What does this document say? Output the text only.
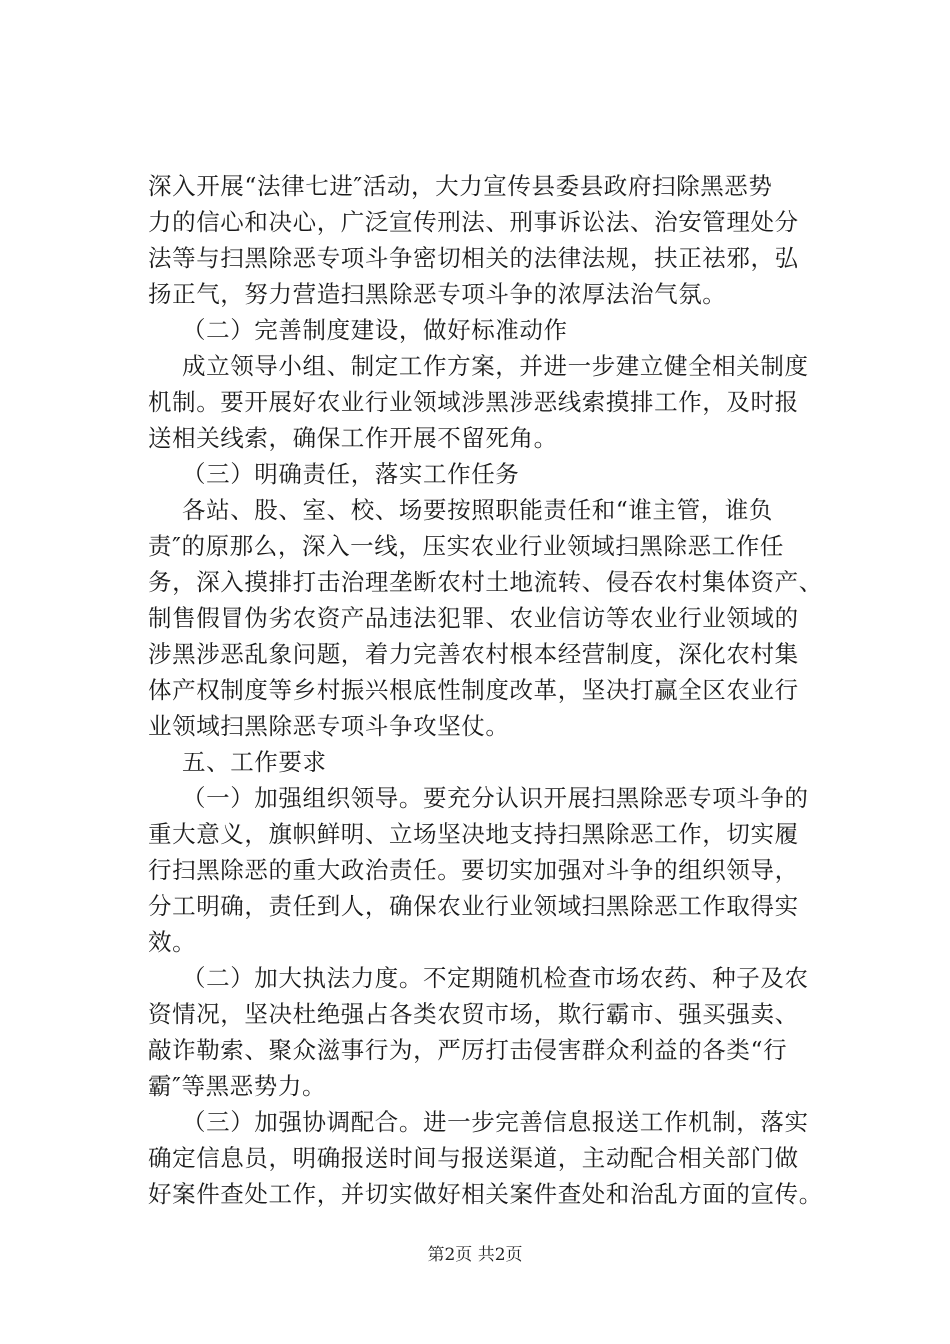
深入开展“法律七进″活动，大力宣传县委县政府扫除黑恶势
力的信心和决心，广泛宣传刑法、刑事诉讼法、治安管理处分
法等与扫黑除恶专项斗争密切相关的法律法规，扶正祛邪，弘
扬正气，努力营造扫黑除恶专项斗争的浓厚法治气氛。
（二）完善制度建设，做好标准动作
成立领导小组、制定工作方案，并进一步建立健全相关制度
机制。要开展好农业行业领域涉黑涉恶线索摸排工作，及时报
送相关线索，确保工作开展不留死角。
（三）明确责任，落实工作任务
各站、股、室、校、场要按照职能责任和“谁主管，谁负
责″的原那么，深入一线，压实农业行业领域扫黑除恶工作任
务，深入摸排打击治理垄断农村土地流转、侵吞农村集体资产、
制售假冒伪劣农资产品违法犯罪、农业信访等农业行业领域的
涉黑涉恶乱象问题，着力完善农村根本经营制度，深化农村集
体产权制度等乡村振兴根底性制度改革，坚决打赢全区农业行
业领域扫黑除恶专项斗争攻坚仗。
五、工作要求
（一）加强组织领导。要充分认识开展扫黑除恶专项斗争的
重大意义，旗帜鲜明、立场坚决地支持扫黑除恶工作，切实履
行扫黑除恶的重大政治责任。要切实加强对斗争的组织领导，
分工明确，责任到人，确保农业行业领域扫黑除恶工作取得实
效。
（二）加大执法力度。不定期随机检查市场农药、种子及农
资情况，坚决杜绝强占各类农贸市场，欺行霸市、强买强卖、
敲诈勒索、聚众滋事行为，严厉打击侵害群众利益的各类“行
霸″等黑恶势力。
（三）加强协调配合。进一步完善信息报送工作机制，落实
确定信息员，明确报送时间与报送渠道，主动配合相关部门做
好案件查处工作，并切实做好相关案件查处和治乱方面的宣传。
第2页 共2页
